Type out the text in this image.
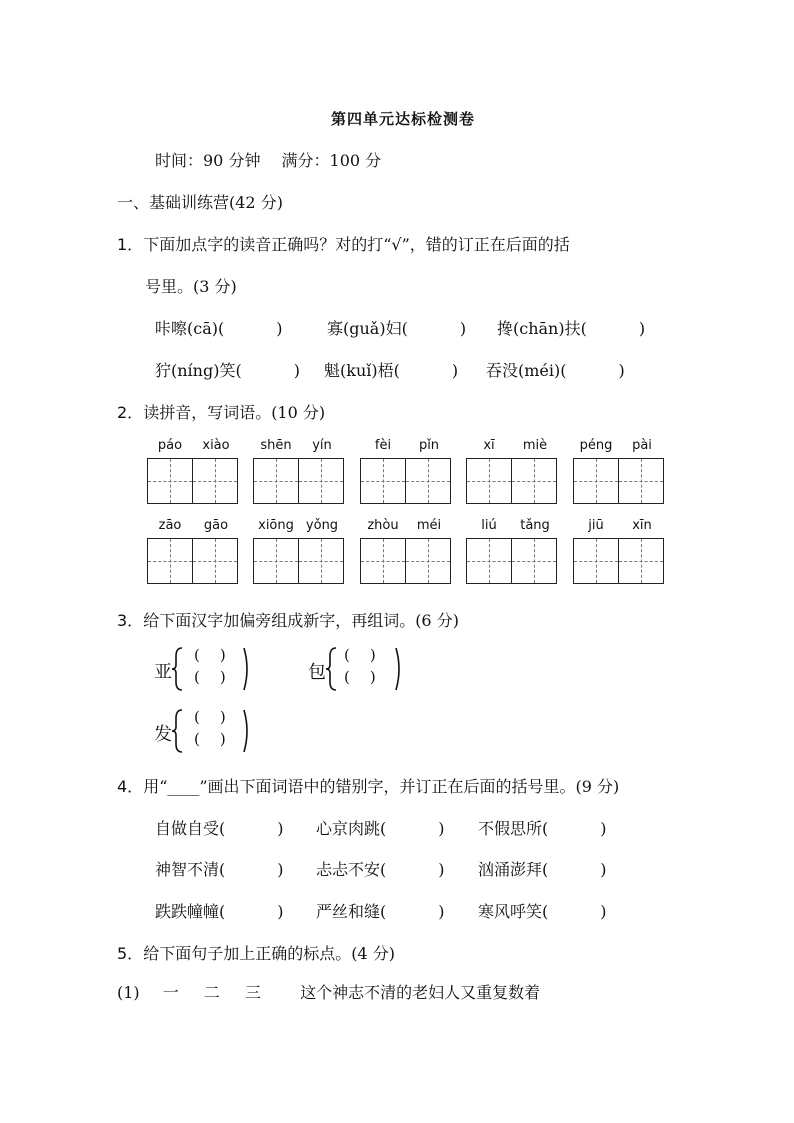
第四单元达标检测卷
时间：90 分钟　 满分：100 分
一、基础训练营(42 分)
1．下面加点字的读音正确吗？对的打“√”，错的订正在后面的括
号里。(3 分)
咔嚓(cā)(	)	寡(guǎ)妇(	) 搀(chān)扶(	)
狞(níng)笑(	) 魁(kuǐ)梧(	) 吞没(méi)(	)
2．读拼音，写词语。(10 分)
páo	xiào	shēn	yín	fèi	pǐn	xī	miè	péng	pài
zāo	gāo	xiōng yǒng	zhòu	méi	liú	tǎng	jiū	xīn
3．给下面汉字加偏旁组成新字，再组词。(6 分)
亚
( )
( )	包
( )
( )
发
( )
( )
4．用“____”画出下面词语中的错别字，并订正在后面的括号里。(9 分)
自做自受(	) 心京肉跳(	) 不假思所(	)
神智不清(	) 忐忐不安(	) 汹涌澎拜(	)
跌跌幢幢(	) 严丝和缝(	) 寒风呼笑(	)
5．给下面句子加上正确的标点。(4 分)
(1) 一 二 三 这个神志不清的老妇人又重复数着
